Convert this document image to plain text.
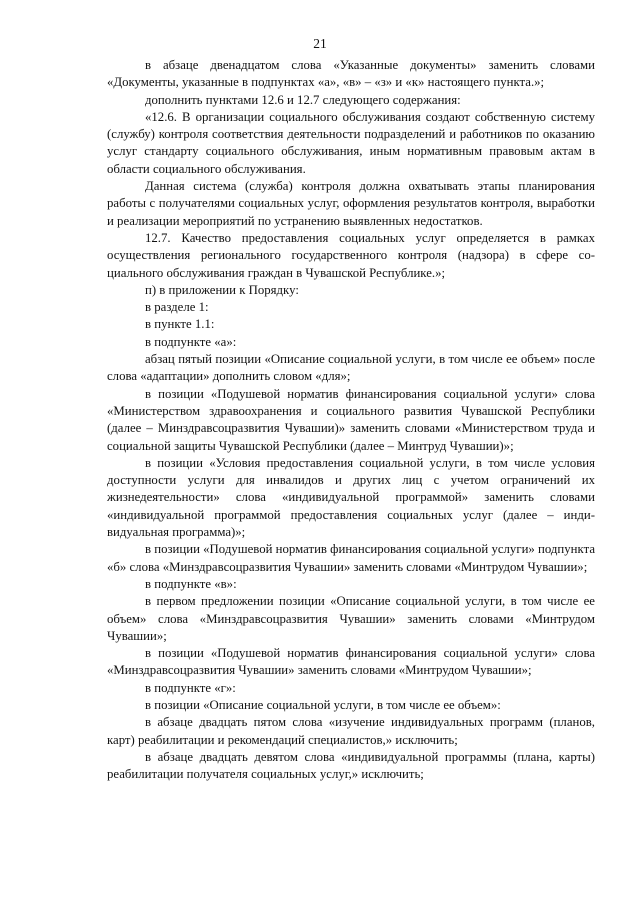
21

в абзаце двенадцатом слова «Указанные документы» заменить словами «Документы, указанные в подпунктах «а», «в» – «з» и «к» настоящего пункта.»;

дополнить пунктами 12.6 и 12.7 следующего содержания:

«12.6. В организации социального обслуживания создают собственную систему (службу) контроля соответствия деятельности подразделений и работников по оказанию услуг стандарту социального обслуживания, иным нормативным правовым актам в области социального обслуживания.

Данная система (служба) контроля должна охватывать этапы планирования работы с получателями социальных услуг, оформления результатов контроля, выработки и реализации мероприятий по устранению выявленных недостатков.

12.7. Качество предоставления социальных услуг определяется в рамках осуществления регионального государственного контроля (надзора) в сфере социального обслуживания граждан в Чувашской Республике.»;

п) в приложении к Порядку:

в разделе 1:

в пункте 1.1:

в подпункте «а»:

абзац пятый позиции «Описание социальной услуги, в том числе ее объем» после слова «адаптации» дополнить словом «для»;

в позиции «Подушевой норматив финансирования социальной услуги» слова «Министерством здравоохранения и социального развития Чувашской Республики (далее – Минздравсоцразвития Чувашии)» заменить словами «Министерством труда и социальной защиты Чувашской Республики (далее – Минтруд Чувашии)»;

в позиции «Условия предоставления социальной услуги, в том числе условия доступности услуги для инвалидов и других лиц с учетом ограничений их жизнедеятельности» слова «индивидуальной программой» заменить словами «индивидуальной программой предоставления социальных услуг (далее – индивидуальная программа)»;

в позиции «Подушевой норматив финансирования социальной услуги» подпункта «б» слова «Минздравсоцразвития Чувашии» заменить словами «Минтрудом Чувашии»;

в подпункте «в»:

в первом предложении позиции «Описание социальной услуги, в том числе ее объем» слова «Минздравсоцразвития Чувашии» заменить словами «Минтрудом Чувашии»;

в позиции «Подушевой норматив финансирования социальной услуги» слова «Минздравсоцразвития Чувашии» заменить словами «Минтрудом Чувашии»;

в подпункте «г»:

в позиции «Описание социальной услуги, в том числе ее объем»:

в абзаце двадцать пятом слова «изучение индивидуальных программ (планов, карт) реабилитации и рекомендаций специалистов,» исключить;

в абзаце двадцать девятом слова «индивидуальной программы (плана, карты) реабилитации получателя социальных услуг,» исключить;
